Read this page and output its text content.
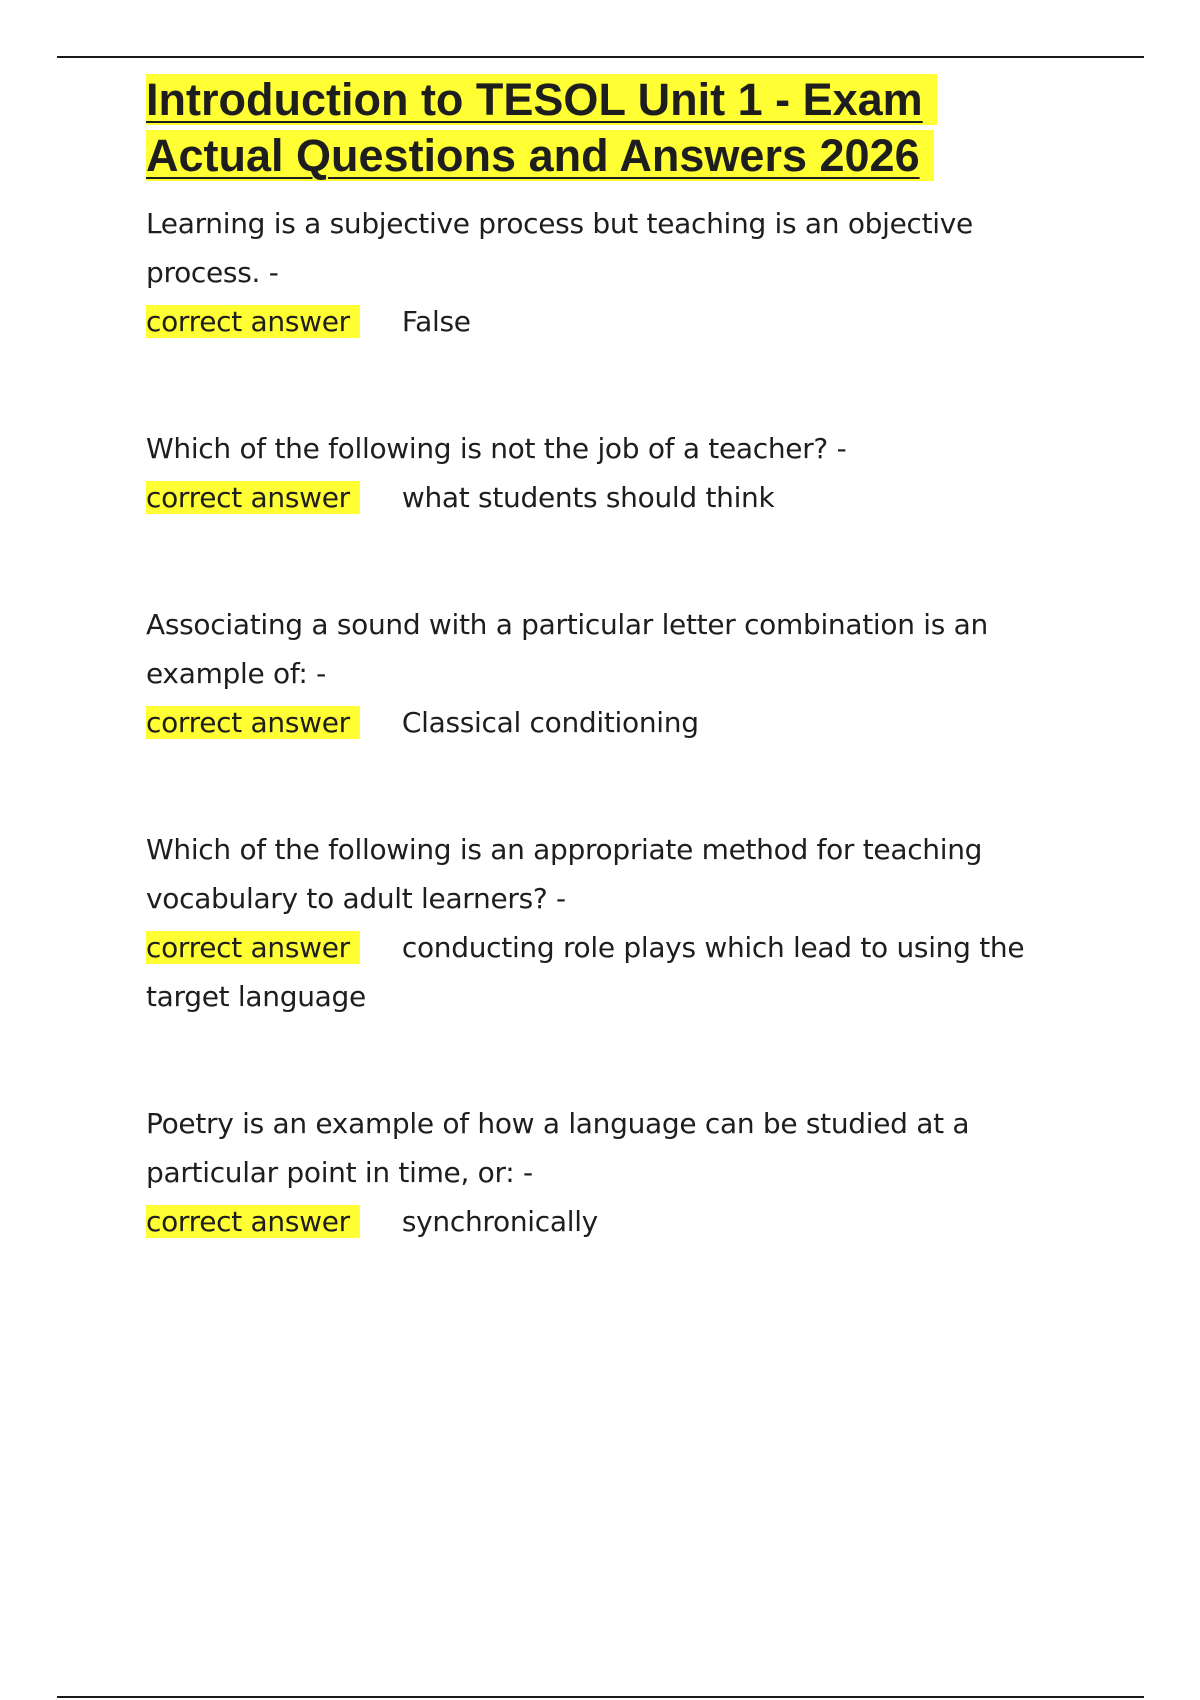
Introduction to TESOL Unit 1 - Exam
Actual Questions and Answers 2026
Learning is a subjective process but teaching is an objective process. -
correct answer False
Which of the following is not the job of a teacher? -
correct answer what students should think
Associating a sound with a particular letter combination is an example of: -
correct answer Classical conditioning
Which of the following is an appropriate method for teaching vocabulary to adult learners? -
correct answer conducting role plays which lead to using the target language
Poetry is an example of how a language can be studied at a particular point in time, or: -
correct answer synchronically
